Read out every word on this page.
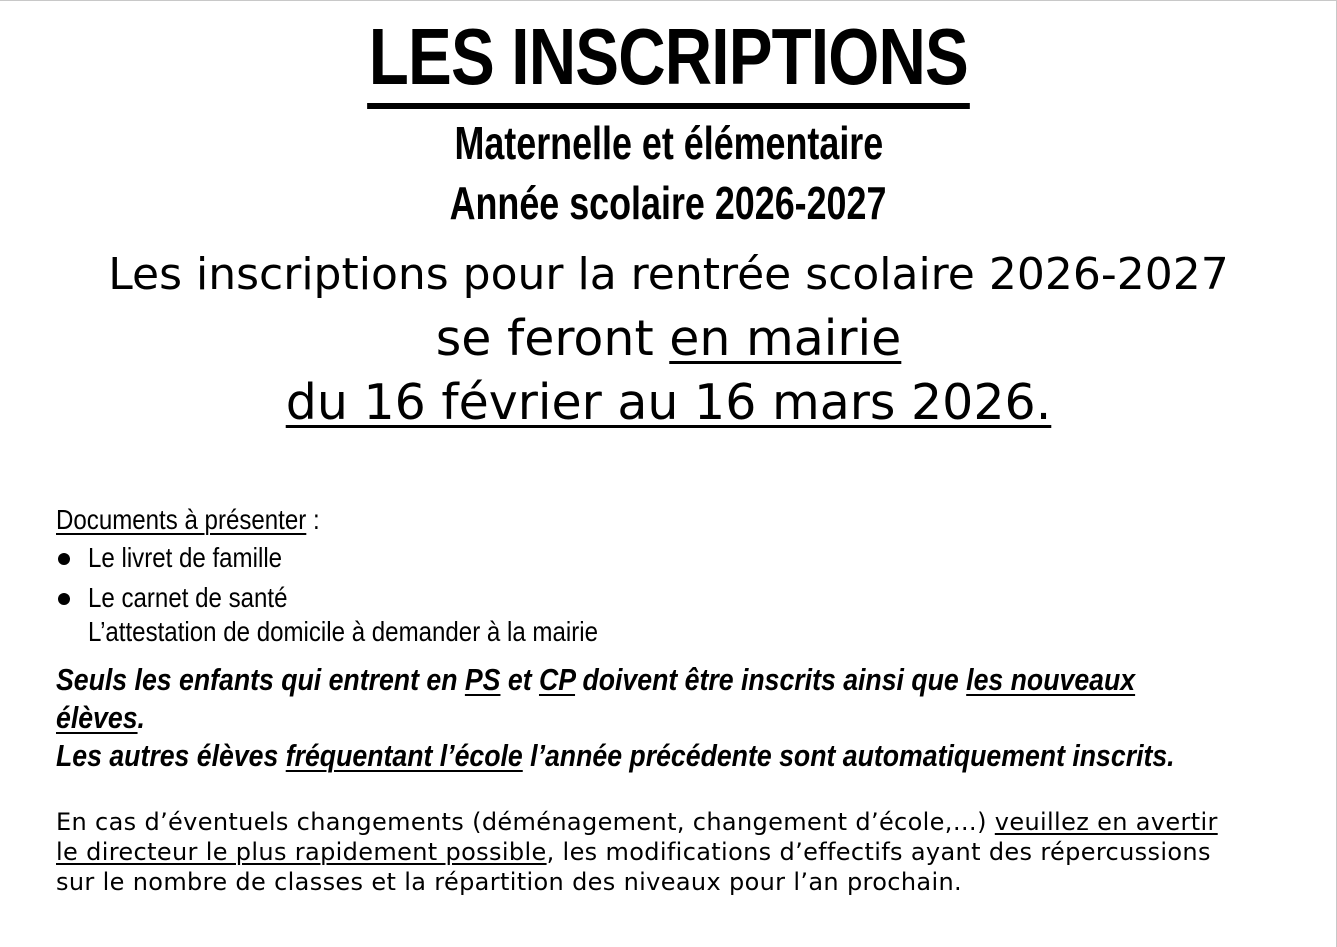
LES INSCRIPTIONS
Maternelle et élémentaire
Année scolaire 2026-2027
Les inscriptions pour la rentrée scolaire 2026-2027
se feront en mairie
du 16 février au 16 mars 2026.
Documents à présenter :
Le livret de famille
Le carnet de santé
L’attestation de domicile à demander à la mairie
Seuls les enfants qui entrent en PS et CP doivent être inscrits ainsi que les nouveaux
élèves.
Les autres élèves fréquentant l’école l’année précédente sont automatiquement inscrits.
En cas d’éventuels changements (déménagement, changement d’école,…) veuillez en avertir
le directeur le plus rapidement possible, les modifications d’effectifs ayant des répercussions
sur le nombre de classes et la répartition des niveaux pour l’an prochain.
